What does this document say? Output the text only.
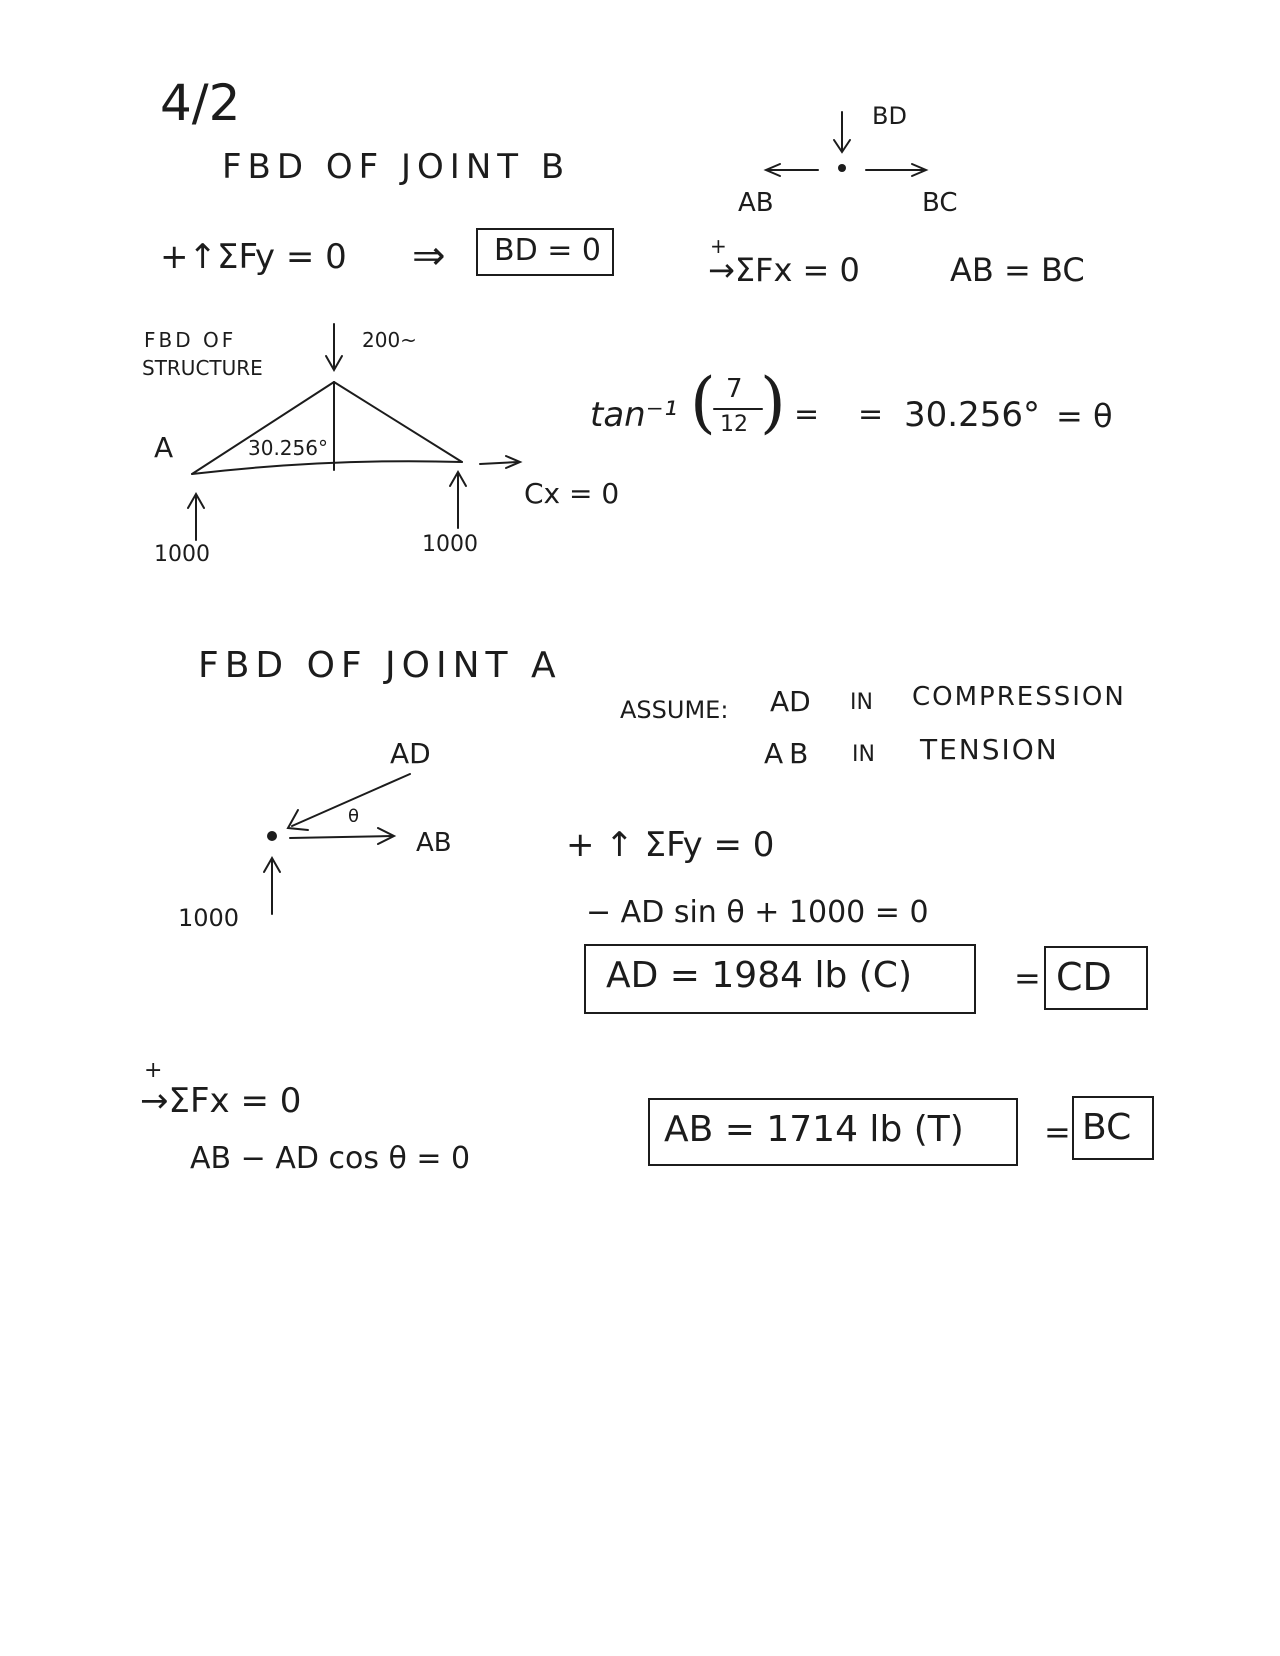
4/2
FBD OF JOINT B
BD
AB	BC
+↑ΣFy = 0 ⇒ BD = 0	+
→ΣFx = 0	AB = BC
FBD OF
STRUCTURE
200~
A	30.256°
1000	1000
Cx = 0
tan⁻¹ ( 7
12 ) = = 30.256° = θ
FBD OF JOINT A
ASSUME: AD IN COMPRESSION
AB IN TENSION
AD
θ
AB
1000
+ ↑ ΣFy = 0
− AD sin θ + 1000 = 0
AD = 1984 lb (C)	= CD
+
→ΣFx = 0
AB − AD cos θ = 0
AB = 1714 lb (T)	= BC
